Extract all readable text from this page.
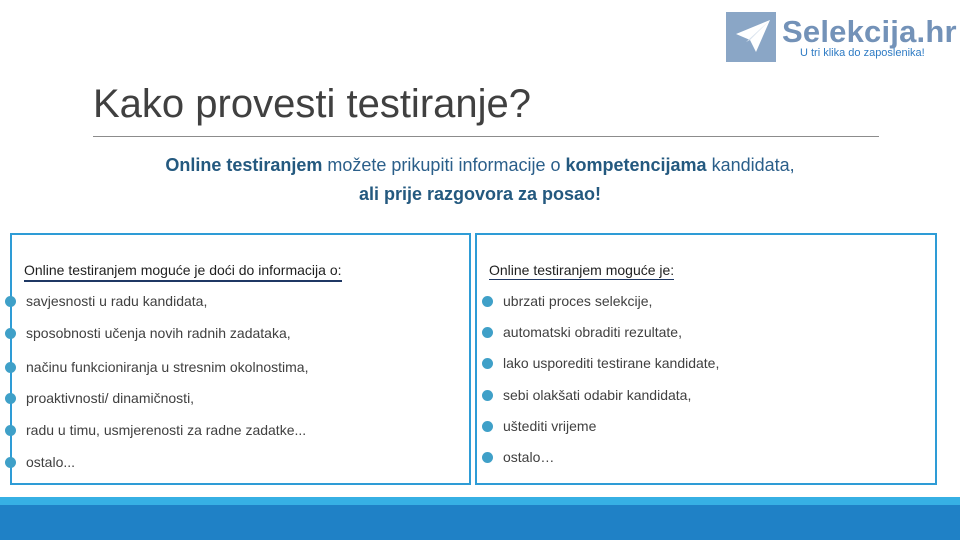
Selekcija.hr
U tri klika do zaposlenika!
Kako provesti testiranje?
Online testiranjem možete prikupiti informacije o kompetencijama kandidata,
ali prije razgovora za posao!
Online testiranjem moguće je doći do informacija o:
savjesnosti u radu kandidata,
sposobnosti učenja novih radnih zadataka,
načinu funkcioniranja u stresnim okolnostima,
proaktivnosti/ dinamičnosti,
radu u timu, usmjerenosti za radne zadatke...
ostalo...
Online testiranjem moguće je:
ubrzati proces selekcije,
automatski obraditi rezultate,
lako usporediti testirane kandidate,
sebi olakšati odabir kandidata,
uštediti vrijeme
ostalo…
